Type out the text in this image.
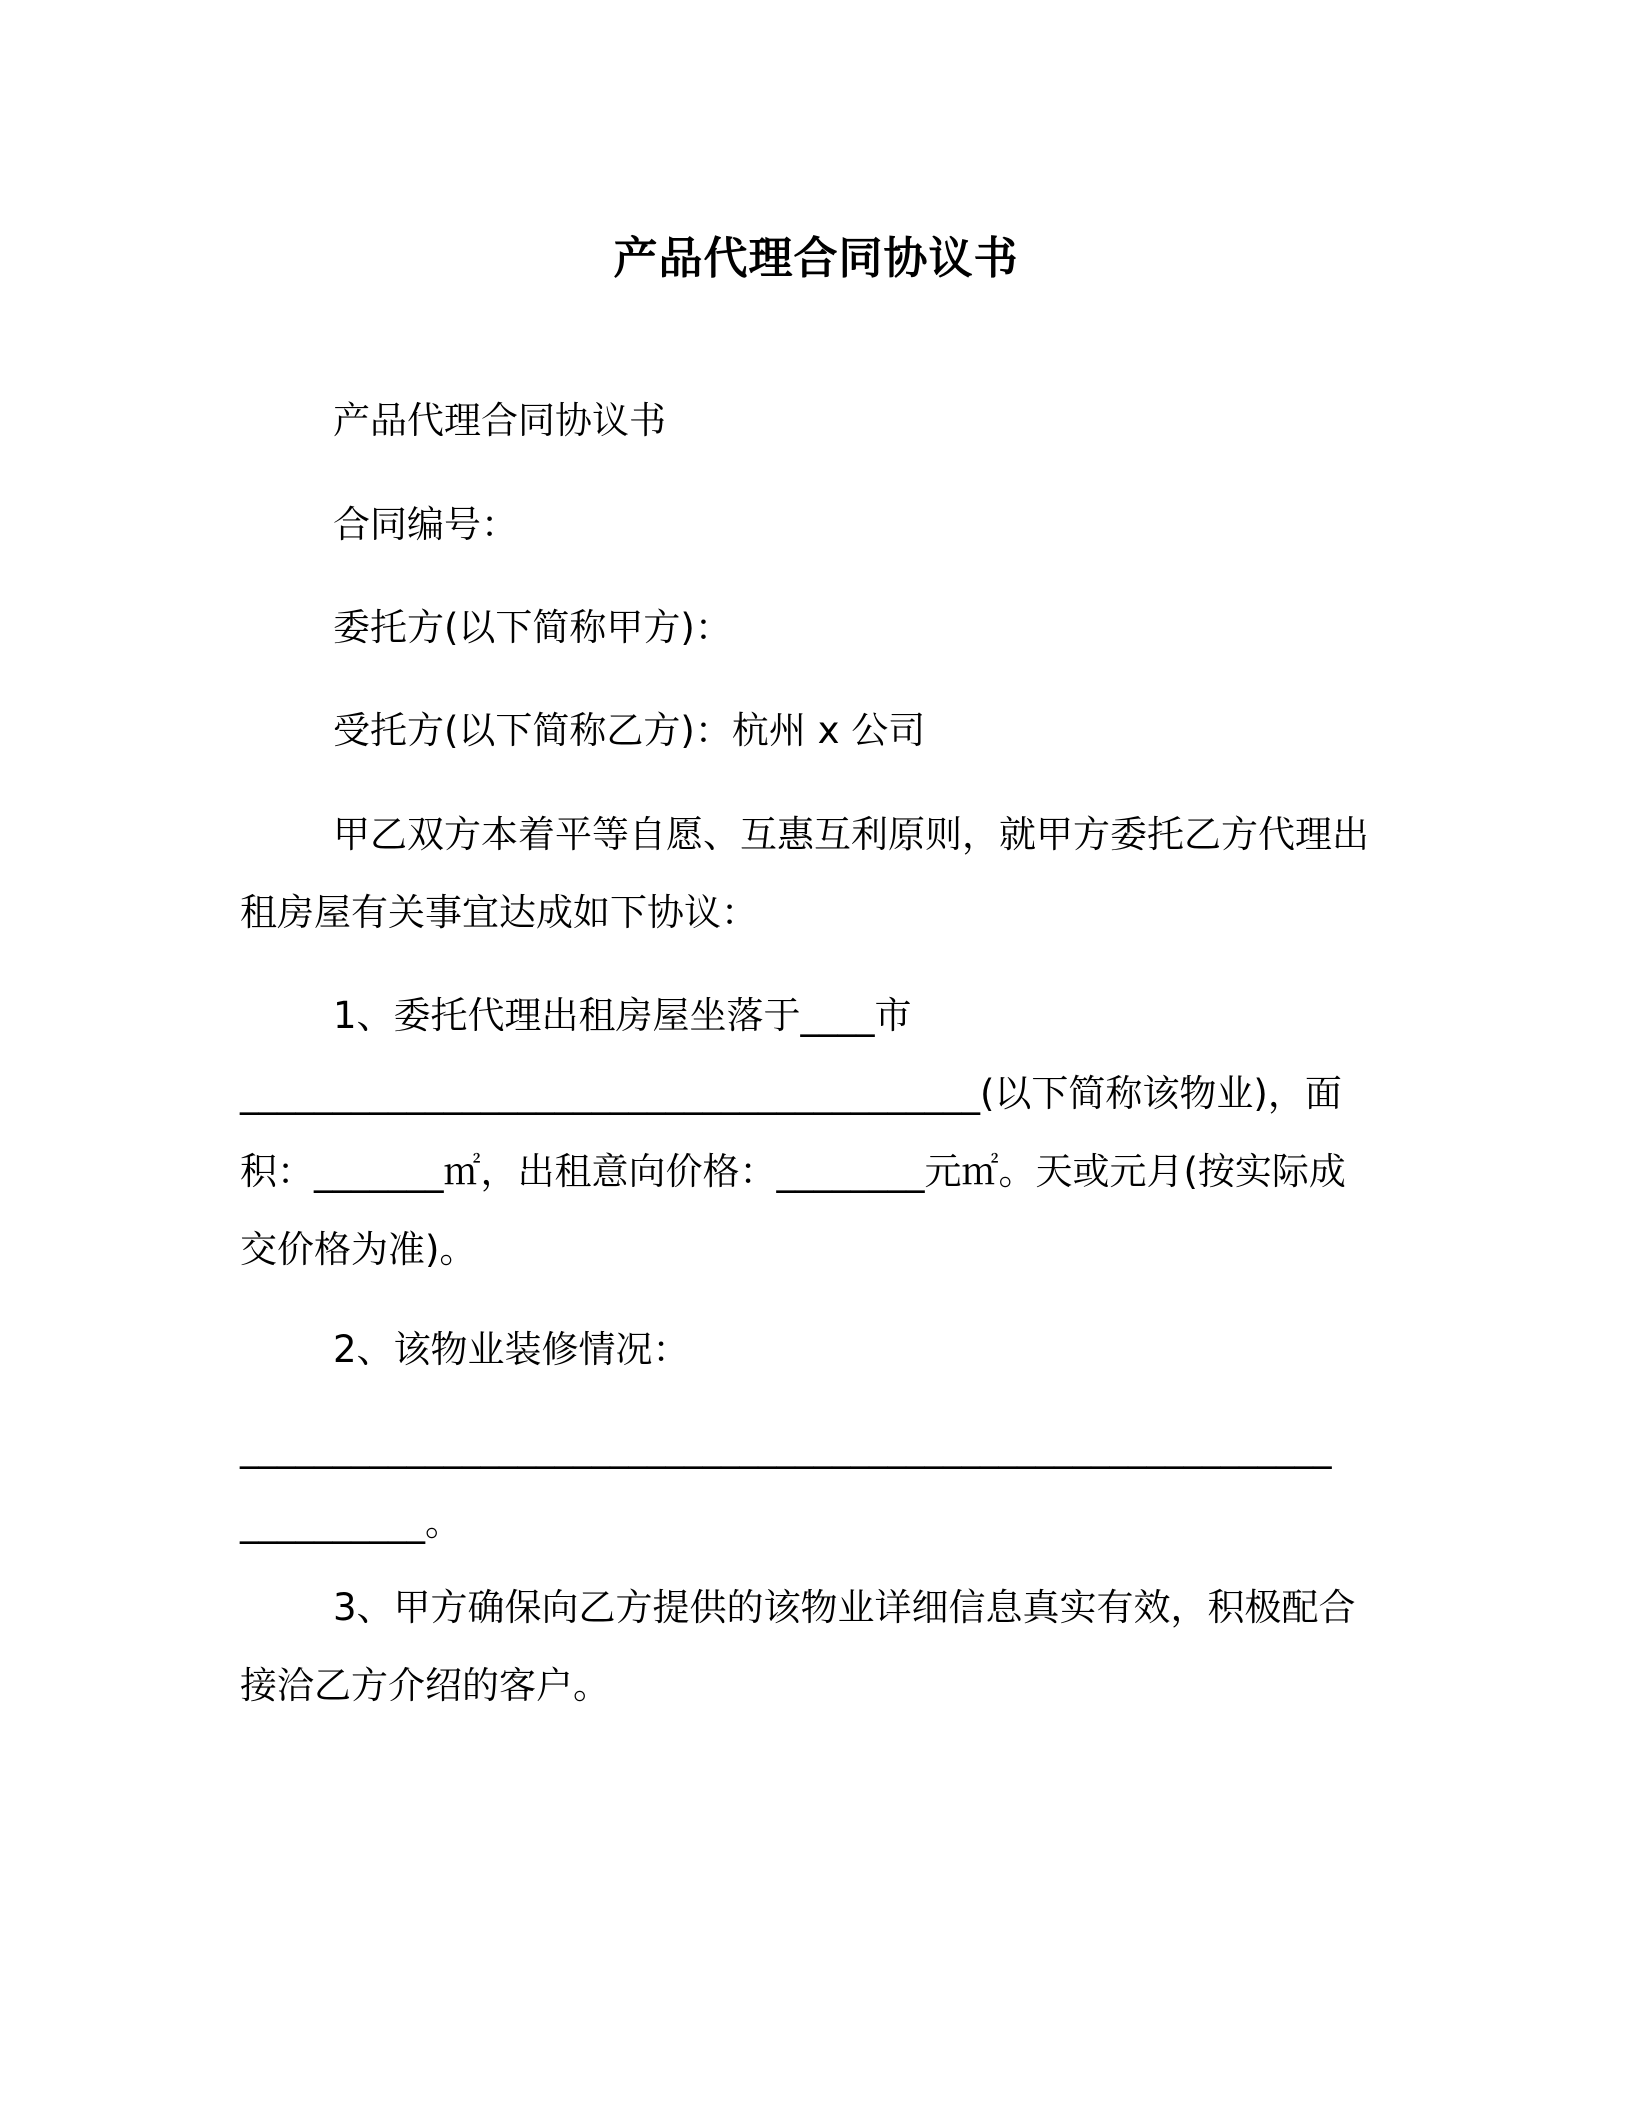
产品代理合同协议书
产品代理合同协议书
合同编号：
委托方(以下简称甲方)：
受托方(以下简称乙方)：杭州 x 公司
甲乙双方本着平等自愿、互惠互利原则，就甲方委托乙方代理出
租房屋有关事宜达成如下协议：
1、委托代理出租房屋坐落于____市
________________________________________(以下简称该物业)，面
积：_______㎡，出租意向价格：________元㎡。天或元月(按实际成
交价格为准)。
2、该物业装修情况：
___________________________________________________________
__________。
3、甲方确保向乙方提供的该物业详细信息真实有效，积极配合
接洽乙方介绍的客户。
